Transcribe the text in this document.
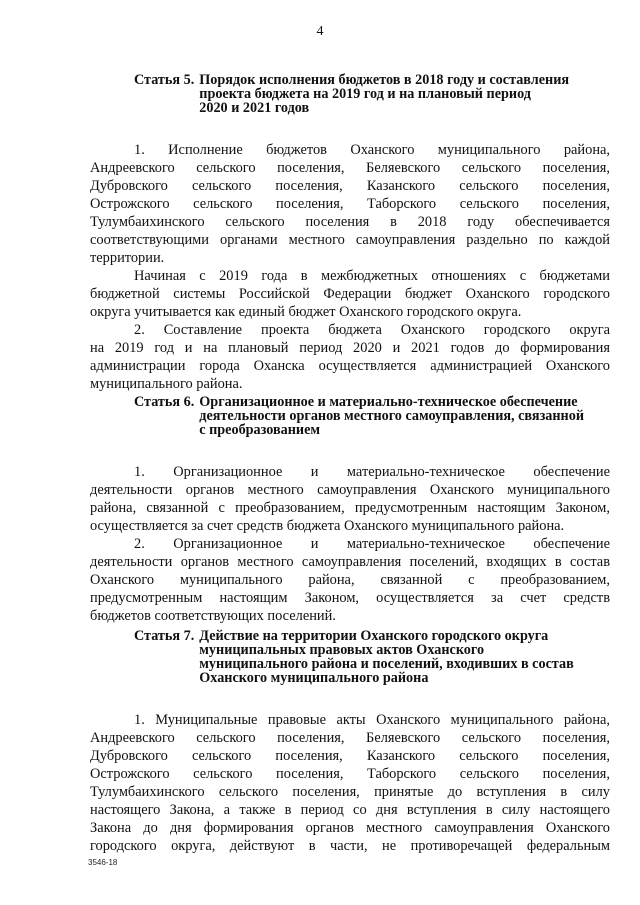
4
Статья 5. Порядок исполнения бюджетов в 2018 году и составления
проекта бюджета на 2019 год и на плановый период
2020 и 2021 годов

1. Исполнение бюджетов Оханского муниципального района,
Андреевского сельского поселения, Беляевского сельского поселения,
Дубровского сельского поселения, Казанского сельского поселения,
Острожского сельского поселения, Таборского сельского поселения,
Тулумбаихинского сельского поселения в 2018 году обеспечивается
соответствующими органами местного самоуправления раздельно по каждой
территории.

Начиная с 2019 года в межбюджетных отношениях с бюджетами
бюджетной системы Российской Федерации бюджет Оханского городского
округа учитывается как единый бюджет Оханского городского округа.

2. Составление проекта бюджета Оханского городского округа
на 2019 год и на плановый период 2020 и 2021 годов до формирования
администрации города Оханска осуществляется администрацией Оханского
муниципального района.

Статья 6. Организационное и материально-техническое обеспечение
деятельности органов местного самоуправления, связанной
с преобразованием

1. Организационное и материально-техническое обеспечение
деятельности органов местного самоуправления Оханского муниципального
района, связанной с преобразованием, предусмотренным настоящим Законом,
осуществляется за счет средств бюджета Оханского муниципального района.

2. Организационное и материально-техническое обеспечение
деятельности органов местного самоуправления поселений, входящих в состав
Оханского муниципального района, связанной с преобразованием,
предусмотренным настоящим Законом, осуществляется за счет средств
бюджетов соответствующих поселений.

Статья 7. Действие на территории Оханского городского округа
муниципальных правовых актов Оханского
муниципального района и поселений, входивших в состав
Оханского муниципального района

1. Муниципальные правовые акты Оханского муниципального района,
Андреевского сельского поселения, Беляевского сельского поселения,
Дубровского сельского поселения, Казанского сельского поселения,
Острожского сельского поселения, Таборского сельского поселения,
Тулумбаихинского сельского поселения, принятые до вступления в силу
настоящего Закона, а также в период со дня вступления в силу настоящего
Закона до дня формирования органов местного самоуправления Оханского
городского округа, действуют в части, не противоречащей федеральным

3546-18
